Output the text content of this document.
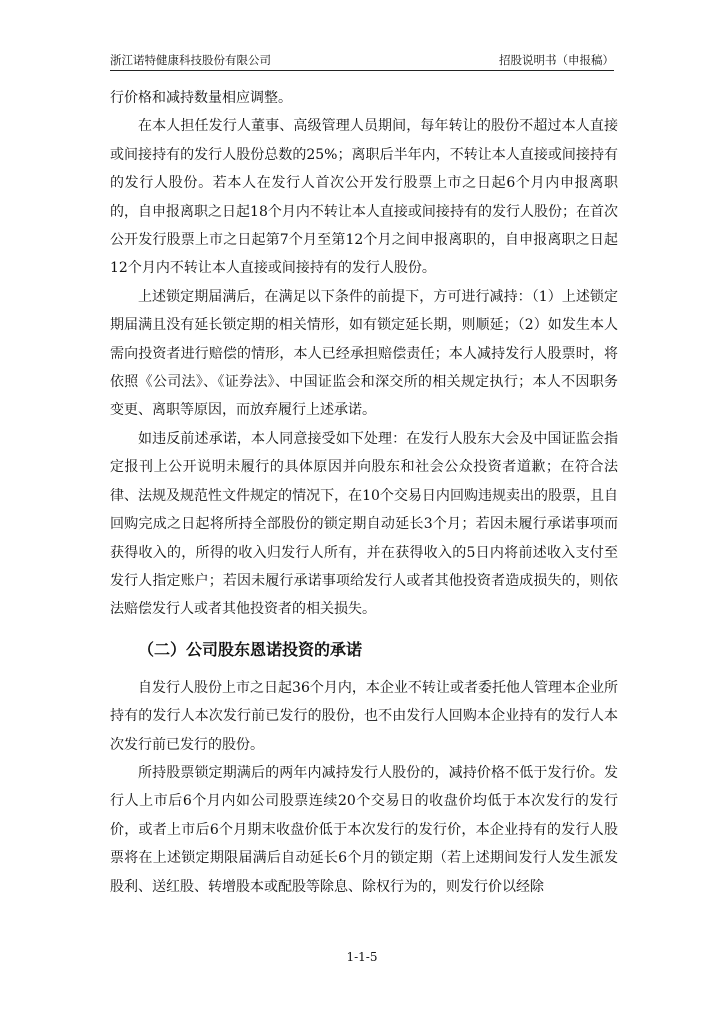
浙江诺特健康科技股份有限公司	招股说明书（申报稿）

行价格和减持数量相应调整。

在本人担任发行人董事、高级管理人员期间，每年转让的股份不超过本人直接或间接持有的发行人股份总数的25%；离职后半年内，不转让本人直接或间接持有的发行人股份。若本人在发行人首次公开发行股票上市之日起6个月内申报离职的，自申报离职之日起18个月内不转让本人直接或间接持有的发行人股份；在首次公开发行股票上市之日起第7个月至第12个月之间申报离职的，自申报离职之日起12个月内不转让本人直接或间接持有的发行人股份。

上述锁定期届满后，在满足以下条件的前提下，方可进行减持：（1）上述锁定期届满且没有延长锁定期的相关情形，如有锁定延长期，则顺延；（2）如发生本人需向投资者进行赔偿的情形，本人已经承担赔偿责任；本人减持发行人股票时，将依照《公司法》、《证券法》、中国证监会和深交所的相关规定执行；本人不因职务变更、离职等原因，而放弃履行上述承诺。

如违反前述承诺，本人同意接受如下处理：在发行人股东大会及中国证监会指定报刊上公开说明未履行的具体原因并向股东和社会公众投资者道歉；在符合法律、法规及规范性文件规定的情况下，在10个交易日内回购违规卖出的股票，且自回购完成之日起将所持全部股份的锁定期自动延长3个月；若因未履行承诺事项而获得收入的，所得的收入归发行人所有，并在获得收入的5日内将前述收入支付至发行人指定账户；若因未履行承诺事项给发行人或者其他投资者造成损失的，则依法赔偿发行人或者其他投资者的相关损失。

（二）公司股东恩诺投资的承诺

自发行人股份上市之日起36个月内，本企业不转让或者委托他人管理本企业所持有的发行人本次发行前已发行的股份，也不由发行人回购本企业持有的发行人本次发行前已发行的股份。

所持股票锁定期满后的两年内减持发行人股份的，减持价格不低于发行价。发行人上市后6个月内如公司股票连续20个交易日的收盘价均低于本次发行的发行价，或者上市后6个月期末收盘价低于本次发行的发行价，本企业持有的发行人股票将在上述锁定期限届满后自动延长6个月的锁定期（若上述期间发行人发生派发股利、送红股、转增股本或配股等除息、除权行为的，则发行价以经除

1-1-5
